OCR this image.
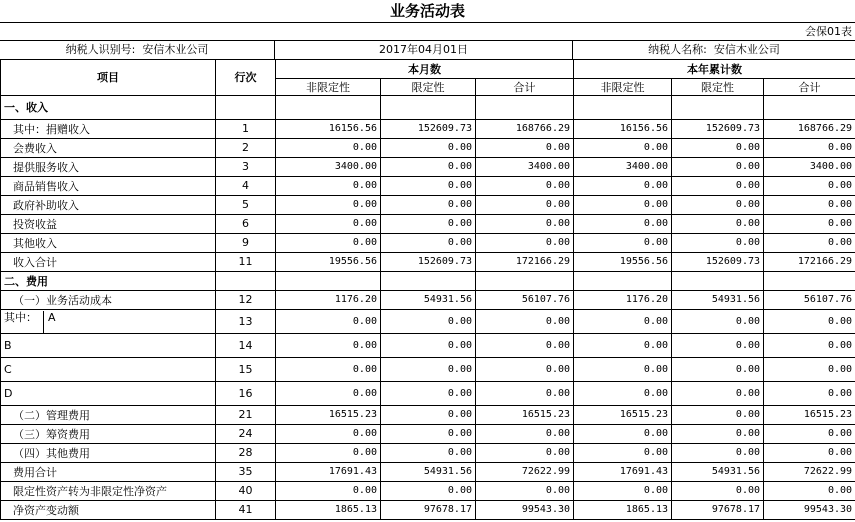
业务活动表
会保01表
纳税人识别号: 安信木业公司	2017年04月01日	纳税人名称: 安信木业公司
项目	行次	本月数			本年累计数		
		非限定性	限定性	合计	非限定性	限定性	合计
一、收入							
其中：捐赠收入	1	16156.56	152609.73	168766.29	16156.56	152609.73	168766.29
会费收入	2	0.00	0.00	0.00	0.00	0.00	0.00
提供服务收入	3	3400.00	0.00	3400.00	3400.00	0.00	3400.00
商品销售收入	4	0.00	0.00	0.00	0.00	0.00	0.00
政府补助收入	5	0.00	0.00	0.00	0.00	0.00	0.00
投资收益	6	0.00	0.00	0.00	0.00	0.00	0.00
其他收入	9	0.00	0.00	0.00	0.00	0.00	0.00
收入合计	11	19556.56	152609.73	172166.29	19556.56	152609.73	172166.29
二、费用							
（一）业务活动成本	12	1176.20	54931.56	56107.76	1176.20	54931.56	56107.76
其中： A	13	0.00	0.00	0.00	0.00	0.00	0.00
B	14	0.00	0.00	0.00	0.00	0.00	0.00
C	15	0.00	0.00	0.00	0.00	0.00	0.00
D	16	0.00	0.00	0.00	0.00	0.00	0.00
（二）管理费用	21	16515.23	0.00	16515.23	16515.23	0.00	16515.23
（三）筹资费用	24	0.00	0.00	0.00	0.00	0.00	0.00
（四）其他费用	28	0.00	0.00	0.00	0.00	0.00	0.00
费用合计	35	17691.43	54931.56	72622.99	17691.43	54931.56	72622.99
限定性资产转为非限定性净资产	40	0.00	0.00	0.00	0.00	0.00	0.00
净资产变动额	41	1865.13	97678.17	99543.30	1865.13	97678.17	99543.30
